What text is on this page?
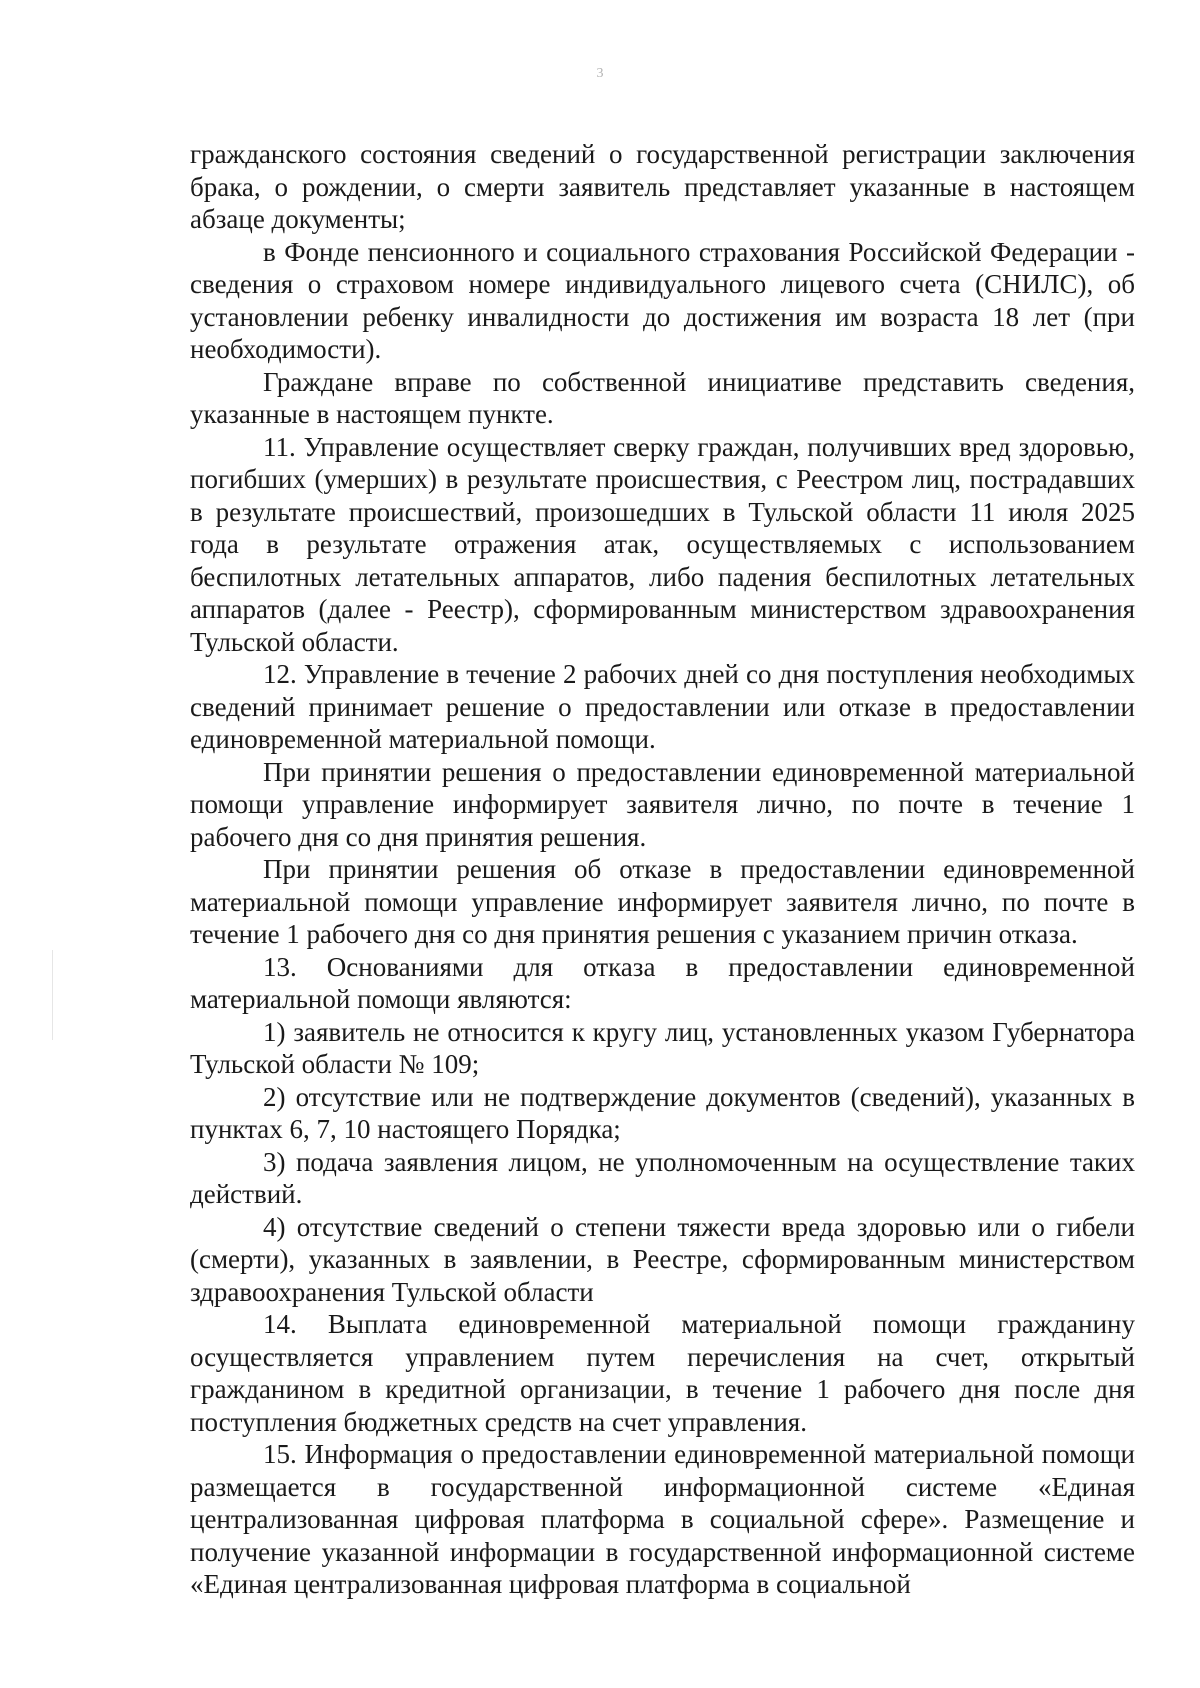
3

гражданского состояния сведений о государственной регистрации заключения брака, о рождении, о смерти заявитель представляет указанные в настоящем абзаце документы;

в Фонде пенсионного и социального страхования Российской Федерации - сведения о страховом номере индивидуального лицевого счета (СНИЛС), об установлении ребенку инвалидности до достижения им возраста 18 лет (при необходимости).

Граждане вправе по собственной инициативе представить сведения, указанные в настоящем пункте.

11. Управление осуществляет сверку граждан, получивших вред здоровью, погибших (умерших) в результате происшествия, с Реестром лиц, пострадавших в результате происшествий, произошедших в Тульской области 11 июля 2025 года в результате отражения атак, осуществляемых с использованием беспилотных летательных аппаратов, либо падения беспилотных летательных аппаратов (далее - Реестр), сформированным министерством здравоохранения Тульской области.

12. Управление в течение 2 рабочих дней со дня поступления необходимых сведений принимает решение о предоставлении или отказе в предоставлении единовременной материальной помощи.

При принятии решения о предоставлении единовременной материальной помощи управление информирует заявителя лично, по почте в течение 1 рабочего дня со дня принятия решения.

При принятии решения об отказе в предоставлении единовременной материальной помощи управление информирует заявителя лично, по почте в течение 1 рабочего дня со дня принятия решения с указанием причин отказа.

13. Основаниями для отказа в предоставлении единовременной материальной помощи являются:

1) заявитель не относится к кругу лиц, установленных указом Губернатора Тульской области № 109;

2) отсутствие или не подтверждение документов (сведений), указанных в пунктах 6, 7, 10 настоящего Порядка;

3) подача заявления лицом, не уполномоченным на осуществление таких действий.

4) отсутствие сведений о степени тяжести вреда здоровью или о гибели (смерти), указанных в заявлении, в Реестре, сформированным министерством здравоохранения Тульской области

14. Выплата единовременной материальной помощи гражданину осуществляется управлением путем перечисления на счет, открытый гражданином в кредитной организации, в течение 1 рабочего дня после дня поступления бюджетных средств на счет управления.

15. Информация о предоставлении единовременной материальной помощи размещается в государственной информационной системе «Единая централизованная цифровая платформа в социальной сфере». Размещение и получение указанной информации в государственной информационной системе «Единая централизованная цифровая платформа в социальной
